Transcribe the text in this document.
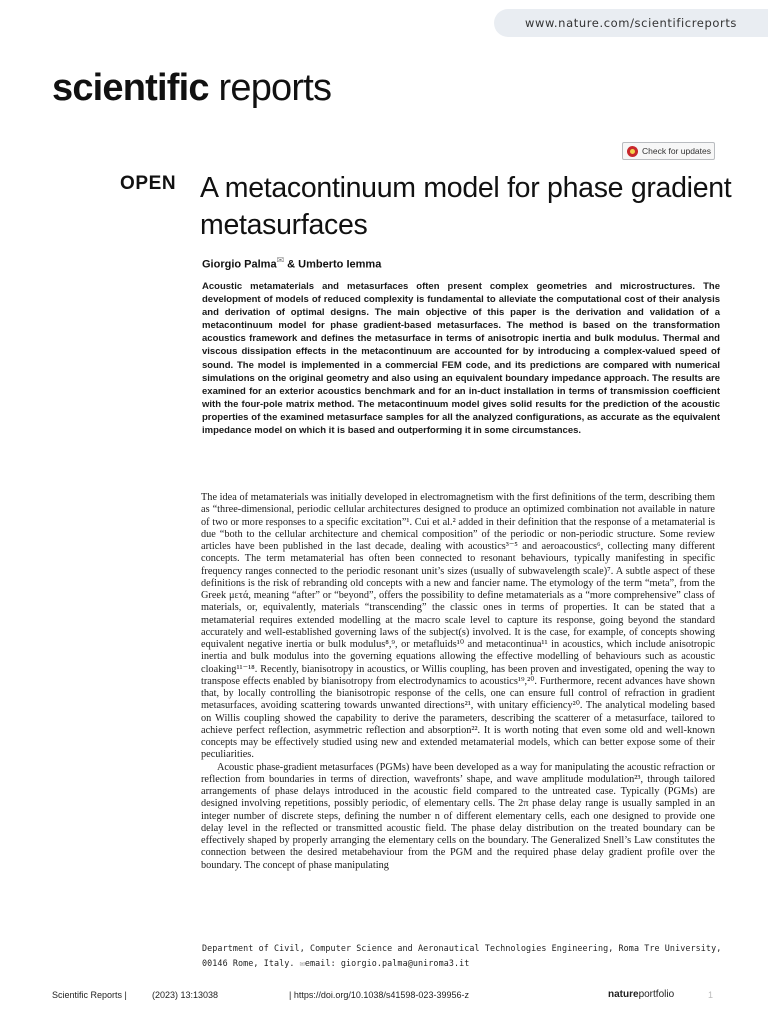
www.nature.com/scientificreports
scientific reports
Check for updates
OPEN A metacontinuum model for phase gradient metasurfaces
Giorgio Palma✉ & Umberto Iemma

Acoustic metamaterials and metasurfaces often present complex geometries and microstructures. The development of models of reduced complexity is fundamental to alleviate the computational cost of their analysis and derivation of optimal designs. The main objective of this paper is the derivation and validation of a metacontinuum model for phase gradient-based metasurfaces. The method is based on the transformation acoustics framework and defines the metasurface in terms of anisotropic inertia and bulk modulus. Thermal and viscous dissipation effects in the metacontinuum are accounted for by introducing a complex-valued speed of sound. The model is implemented in a commercial FEM code, and its predictions are compared with numerical simulations on the original geometry and also using an equivalent boundary impedance approach. The results are examined for an exterior acoustics benchmark and for an in-duct installation in terms of transmission coefficient with the four-pole matrix method. The metacontinuum model gives solid results for the prediction of the acoustic properties of the examined metasurface samples for all the analyzed configurations, as accurate as the equivalent impedance model on which it is based and outperforming it in some circumstances.

The idea of metamaterials was initially developed in electromagnetism with the first definitions of the term, describing them as “three-dimensional, periodic cellular architectures designed to produce an optimized combination not available in nature of two or more responses to a specific excitation”¹. Cui et al.² added in their definition that the response of a metamaterial is due “both to the cellular architecture and chemical composition” of the periodic or non-periodic structure. Some review articles have been published in the last decade, dealing with acoustics³⁻⁵ and aeroacoustics⁶, collecting many different concepts. The term metamaterial has often been connected to resonant behaviours, typically manifesting in specific frequency ranges connected to the periodic resonant unit’s sizes (usually of subwavelength scale)⁷. A subtle aspect of these definitions is the risk of rebranding old concepts with a new and fancier name. The etymology of the term “meta”, from the Greek μετά, meaning “after” or “beyond”, offers the possibility to define metamaterials as a “more comprehensive” class of materials, or, equivalently, materials “transcending” the classic ones in terms of properties. It can be stated that a metamaterial requires extended modelling at the macro scale level to capture its response, going beyond the standard accurately and well-established governing laws of the subject(s) involved. It is the case, for example, of concepts showing equivalent negative inertia or bulk modulus⁸,⁹, or metafluids¹⁰ and metacontinua¹¹ in acoustics, which include anisotropic inertia and bulk modulus into the governing equations allowing the effective modelling of behaviours such as acoustic cloaking¹¹⁻¹⁸. Recently, bianisotropy in acoustics, or Willis coupling, has been proven and investigated, opening the way to transpose effects enabled by bianisotropy from electrodynamics to acoustics¹⁹,²⁰. Furthermore, recent advances have shown that, by locally controlling the bianisotropic response of the cells, one can ensure full control of refraction in gradient metasurfaces, avoiding scattering towards unwanted directions²¹, with unitary efficiency²⁰. The analytical modeling based on Willis coupling showed the capability to derive the parameters, describing the scatterer of a metasurface, tailored to achieve perfect reflection, asymmetric reflection and absorption²². It is worth noting that even some old and well-known concepts may be effectively studied using new and extended metamaterial models, which can better expose some of their peculiarities.

Acoustic phase-gradient metasurfaces (PGMs) have been developed as a way for manipulating the acoustic refraction or reflection from boundaries in terms of direction, wavefronts’ shape, and wave amplitude modulation²³, through tailored arrangements of phase delays introduced in the acoustic field compared to the untreated case. Typically (PGMs) are designed involving repetitions, possibly periodic, of elementary cells. The 2π phase delay range is usually sampled in an integer number of discrete steps, defining the number n of different elementary cells, each one designed to provide one delay level in the reflected or transmitted acoustic field. The phase delay distribution on the treated boundary can be effectively shaped by properly arranging the elementary cells on the boundary. The Generalized Snell’s Law constitutes the connection between the desired metabehaviour from the PGM and the required phase delay gradient profile over the boundary. The concept of phase manipulating

Department of Civil, Computer Science and Aeronautical Technologies Engineering, Roma Tre University, 00146 Rome, Italy. ✉email: giorgio.palma@uniroma3.it
Scientific Reports |	(2023) 13:13038	| https://doi.org/10.1038/s41598-023-39956-z	natureportfolio	1
